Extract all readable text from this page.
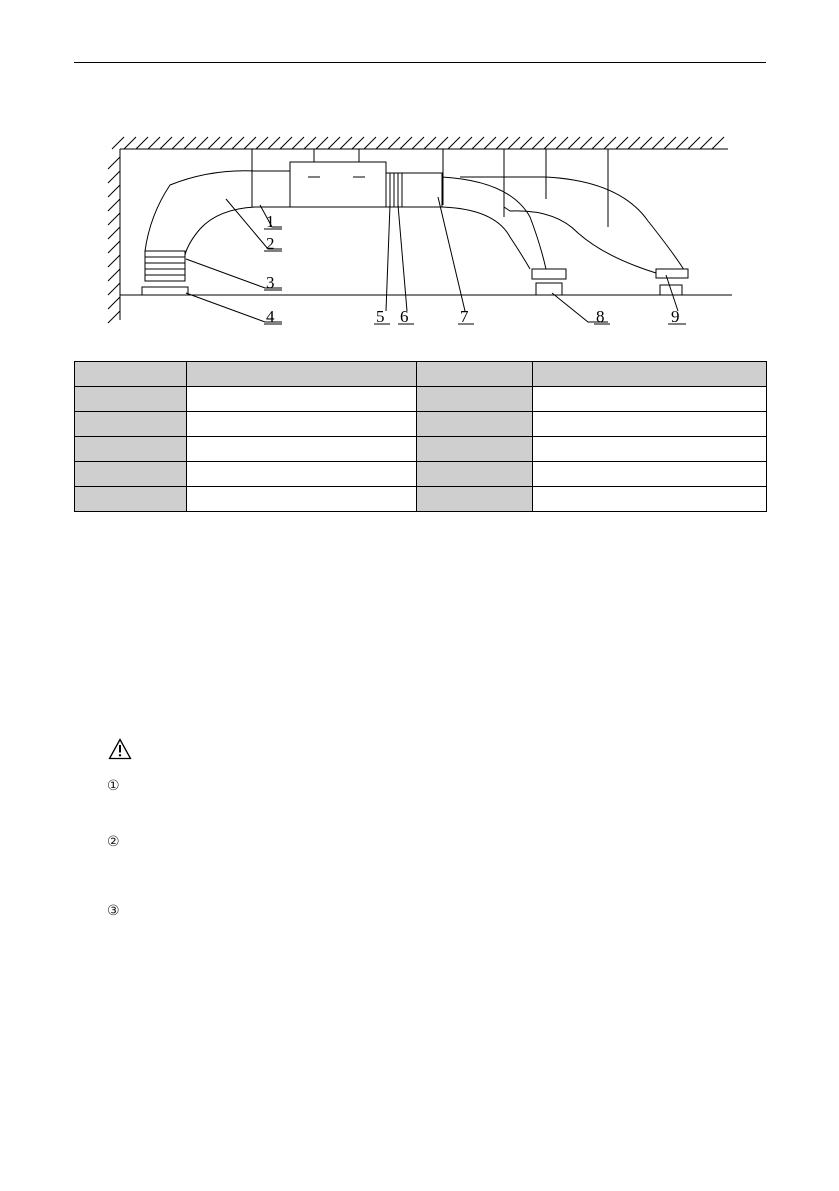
1
2
3
4	5 6	7	8	9

①
②
③
